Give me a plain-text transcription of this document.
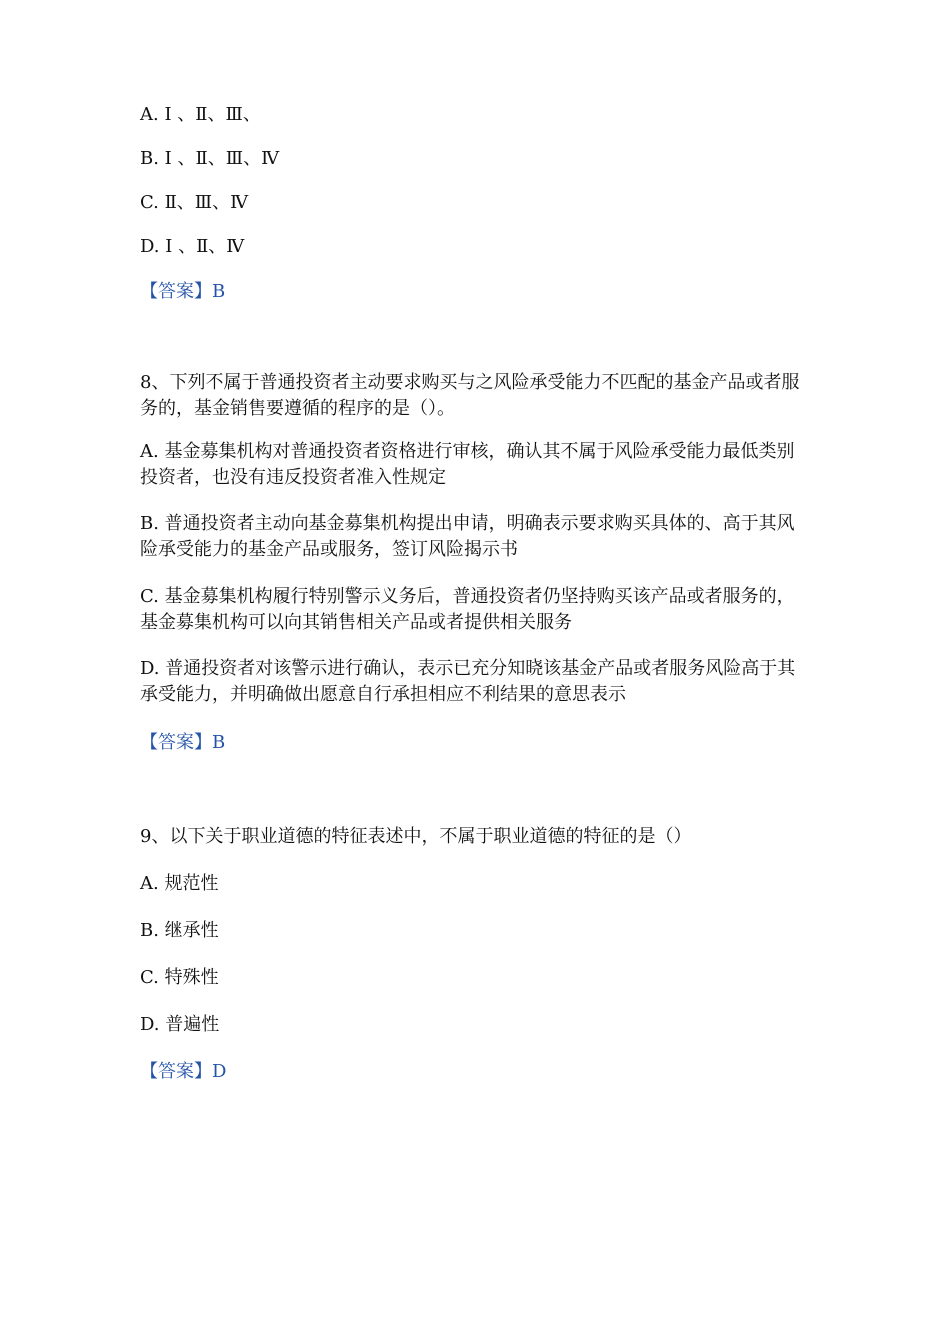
A. Ⅰ 、Ⅱ、Ⅲ、
B. Ⅰ 、Ⅱ、Ⅲ、Ⅳ
C. Ⅱ、Ⅲ、Ⅳ
D. Ⅰ 、Ⅱ、Ⅳ
【答案】B
8、下列不属于普通投资者主动要求购买与之风险承受能力不匹配的基金产品或者服务的，基金销售要遵循的程序的是（）。
A. 基金募集机构对普通投资者资格进行审核，确认其不属于风险承受能力最低类别投资者，也没有违反投资者准入性规定
B. 普通投资者主动向基金募集机构提出申请，明确表示要求购买具体的、高于其风险承受能力的基金产品或服务，签订风险揭示书
C. 基金募集机构履行特别警示义务后，普通投资者仍坚持购买该产品或者服务的，基金募集机构可以向其销售相关产品或者提供相关服务
D. 普通投资者对该警示进行确认，表示已充分知晓该基金产品或者服务风险高于其承受能力，并明确做出愿意自行承担相应不利结果的意思表示
【答案】B
9、以下关于职业道德的特征表述中，不属于职业道德的特征的是（）
A. 规范性
B. 继承性
C. 特殊性
D. 普遍性
【答案】D
